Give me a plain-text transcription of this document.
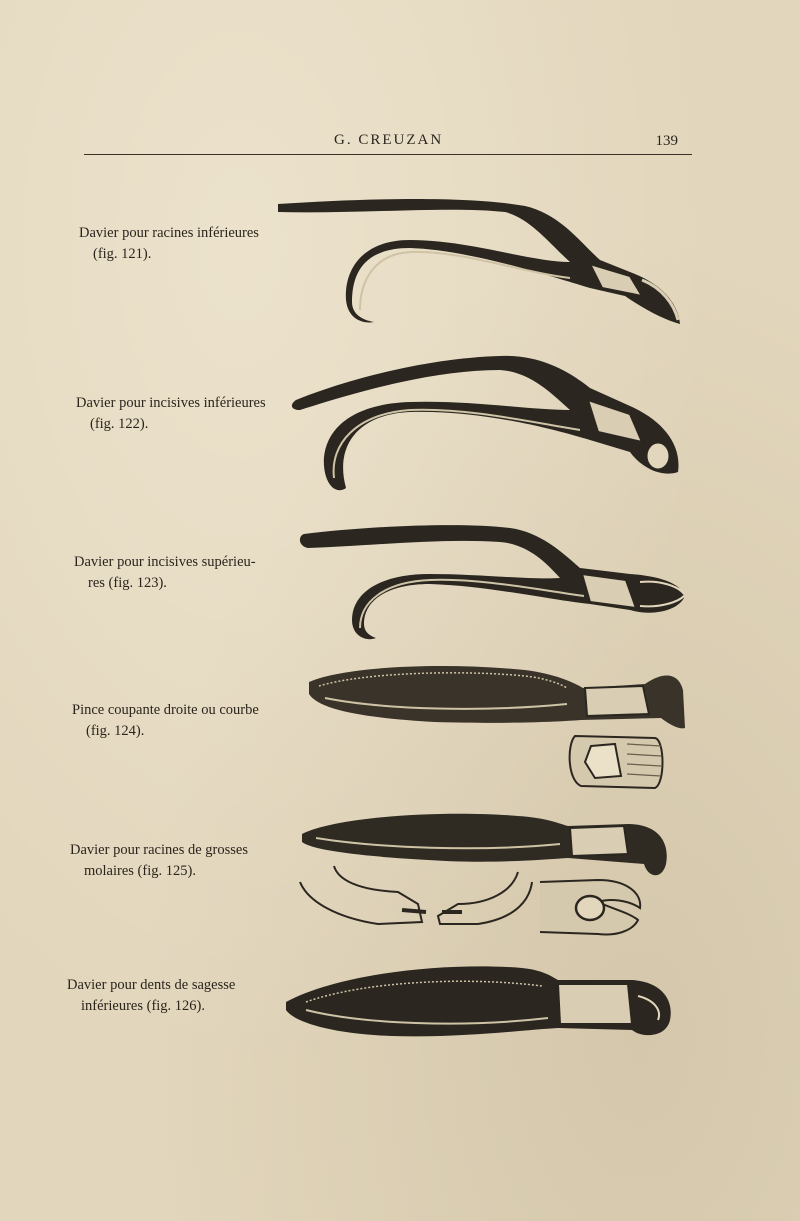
G. CREUZAN	139

Davier pour racines inférieures
(fig. 121).

Davier pour incisives inférieures
(fig. 122).

Davier pour incisives supérieu-
res (fig. 123).

Pince coupante droite ou courbe
(fig. 124).

Davier pour racines de grosses
molaires (fig. 125).

Davier pour dents de sagesse
inférieures (fig. 126).
